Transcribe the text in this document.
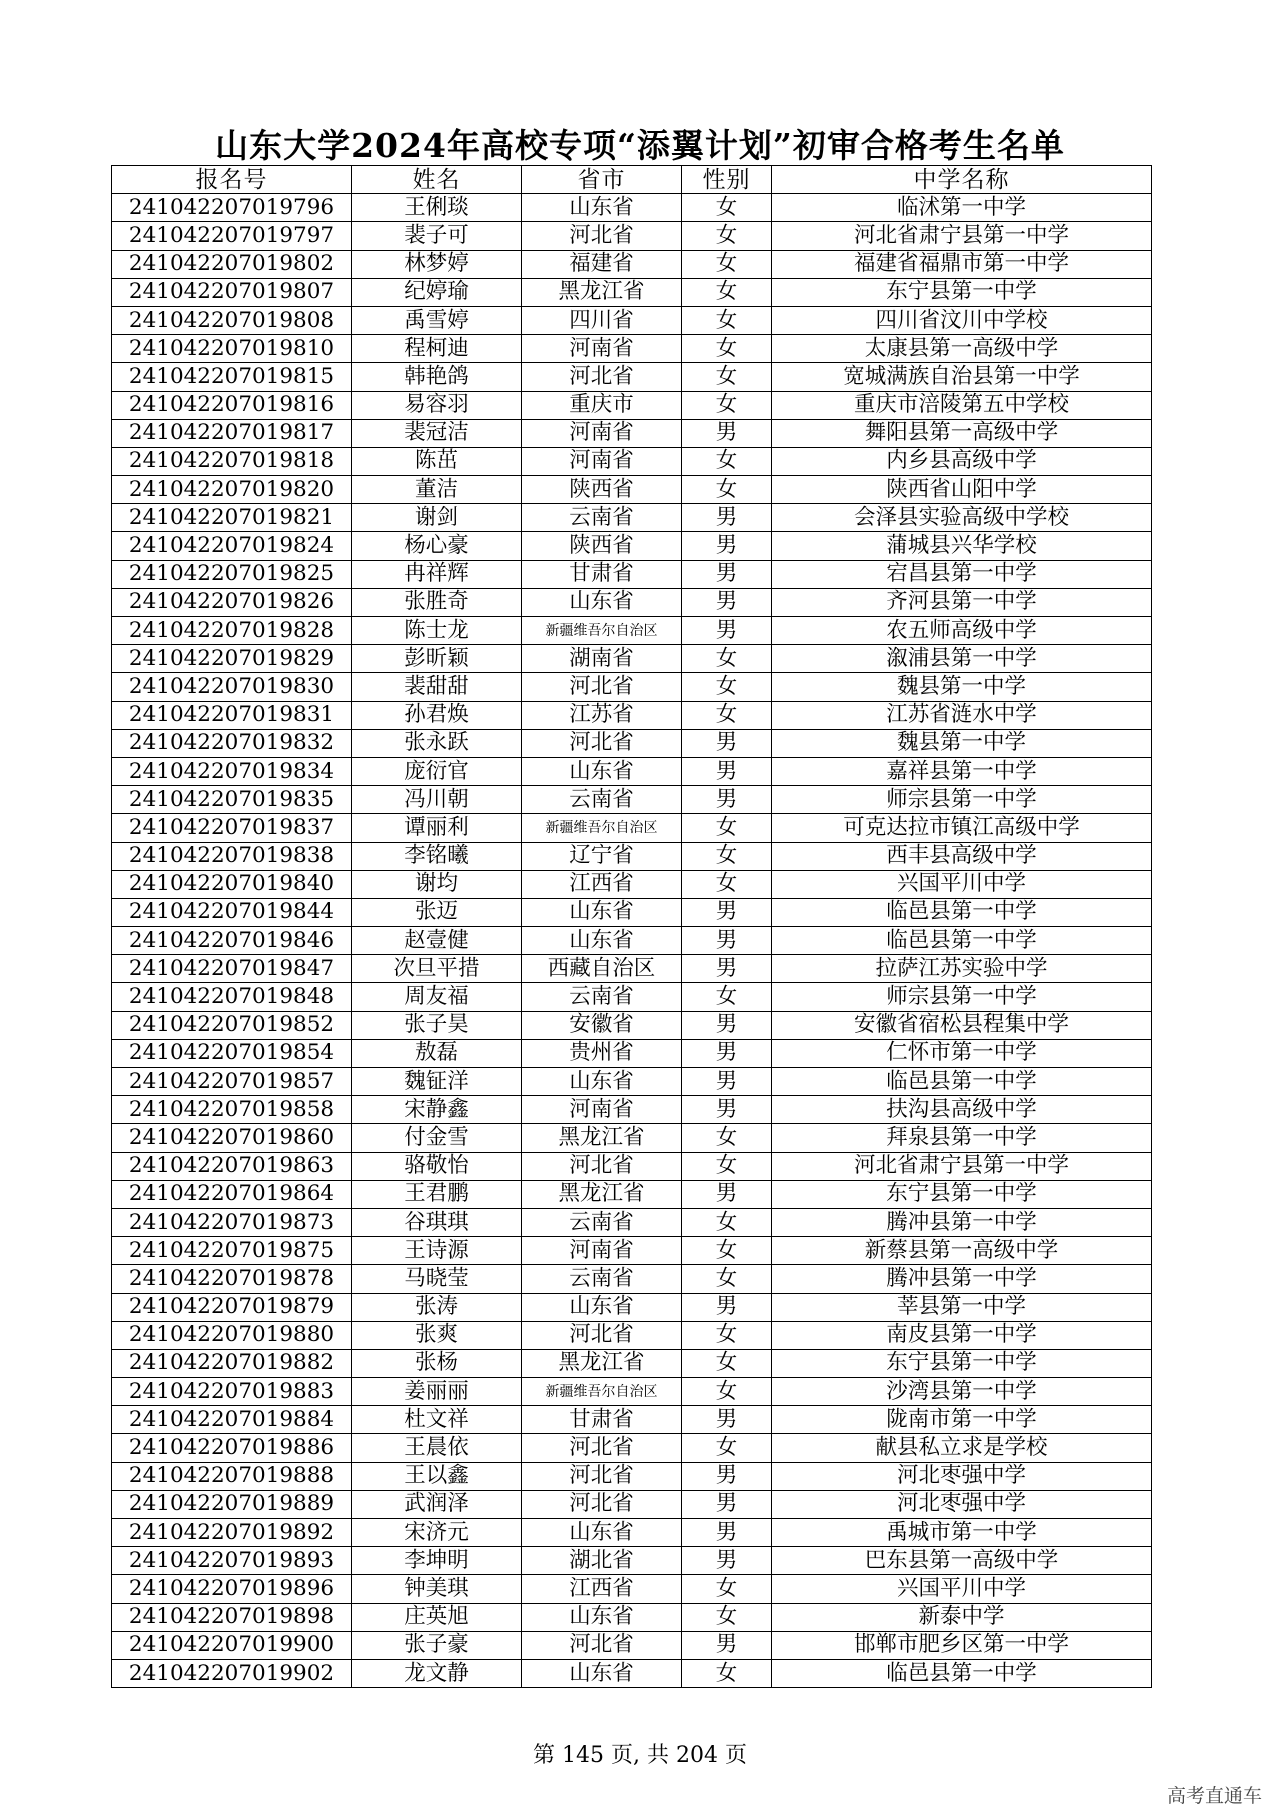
山东大学2024年高校专项“添翼计划”初审合格考生名单
报名号	姓名	省市	性别	中学名称
241042207019796	王俐琰	山东省	女	临沭第一中学
241042207019797	裴子可	河北省	女	河北省肃宁县第一中学
241042207019802	林梦婷	福建省	女	福建省福鼎市第一中学
241042207019807	纪婷瑜	黑龙江省	女	东宁县第一中学
241042207019808	禹雪婷	四川省	女	四川省汶川中学校
241042207019810	程柯迪	河南省	女	太康县第一高级中学
241042207019815	韩艳鸽	河北省	女	宽城满族自治县第一中学
241042207019816	易容羽	重庆市	女	重庆市涪陵第五中学校
241042207019817	裴冠洁	河南省	男	舞阳县第一高级中学
241042207019818	陈茁	河南省	女	内乡县高级中学
241042207019820	董洁	陕西省	女	陕西省山阳中学
241042207019821	谢剑	云南省	男	会泽县实验高级中学校
241042207019824	杨心豪	陕西省	男	蒲城县兴华学校
241042207019825	冉祥辉	甘肃省	男	宕昌县第一中学
241042207019826	张胜奇	山东省	男	齐河县第一中学
241042207019828	陈士龙	新疆维吾尔自治区	男	农五师高级中学
241042207019829	彭昕颖	湖南省	女	溆浦县第一中学
241042207019830	裴甜甜	河北省	女	魏县第一中学
241042207019831	孙君焕	江苏省	女	江苏省涟水中学
241042207019832	张永跃	河北省	男	魏县第一中学
241042207019834	庞衍官	山东省	男	嘉祥县第一中学
241042207019835	冯川朝	云南省	男	师宗县第一中学
241042207019837	谭丽利	新疆维吾尔自治区	女	可克达拉市镇江高级中学
241042207019838	李铭曦	辽宁省	女	西丰县高级中学
241042207019840	谢均	江西省	女	兴国平川中学
241042207019844	张迈	山东省	男	临邑县第一中学
241042207019846	赵壹健	山东省	男	临邑县第一中学
241042207019847	次旦平措	西藏自治区	男	拉萨江苏实验中学
241042207019848	周友福	云南省	女	师宗县第一中学
241042207019852	张子昊	安徽省	男	安徽省宿松县程集中学
241042207019854	敖磊	贵州省	男	仁怀市第一中学
241042207019857	魏钲洋	山东省	男	临邑县第一中学
241042207019858	宋静鑫	河南省	男	扶沟县高级中学
241042207019860	付金雪	黑龙江省	女	拜泉县第一中学
241042207019863	骆敬怡	河北省	女	河北省肃宁县第一中学
241042207019864	王君鹏	黑龙江省	男	东宁县第一中学
241042207019873	谷琪琪	云南省	女	腾冲县第一中学
241042207019875	王诗源	河南省	女	新蔡县第一高级中学
241042207019878	马晓莹	云南省	女	腾冲县第一中学
241042207019879	张涛	山东省	男	莘县第一中学
241042207019880	张爽	河北省	女	南皮县第一中学
241042207019882	张杨	黑龙江省	女	东宁县第一中学
241042207019883	姜丽丽	新疆维吾尔自治区	女	沙湾县第一中学
241042207019884	杜文祥	甘肃省	男	陇南市第一中学
241042207019886	王晨依	河北省	女	献县私立求是学校
241042207019888	王以鑫	河北省	男	河北枣强中学
241042207019889	武润泽	河北省	男	河北枣强中学
241042207019892	宋济元	山东省	男	禹城市第一中学
241042207019893	李坤明	湖北省	男	巴东县第一高级中学
241042207019896	钟美琪	江西省	女	兴国平川中学
241042207019898	庄英旭	山东省	女	新泰中学
241042207019900	张子豪	河北省	男	邯郸市肥乡区第一中学
241042207019902	龙文静	山东省	女	临邑县第一中学
第 145 页, 共 204 页
高考直通车
